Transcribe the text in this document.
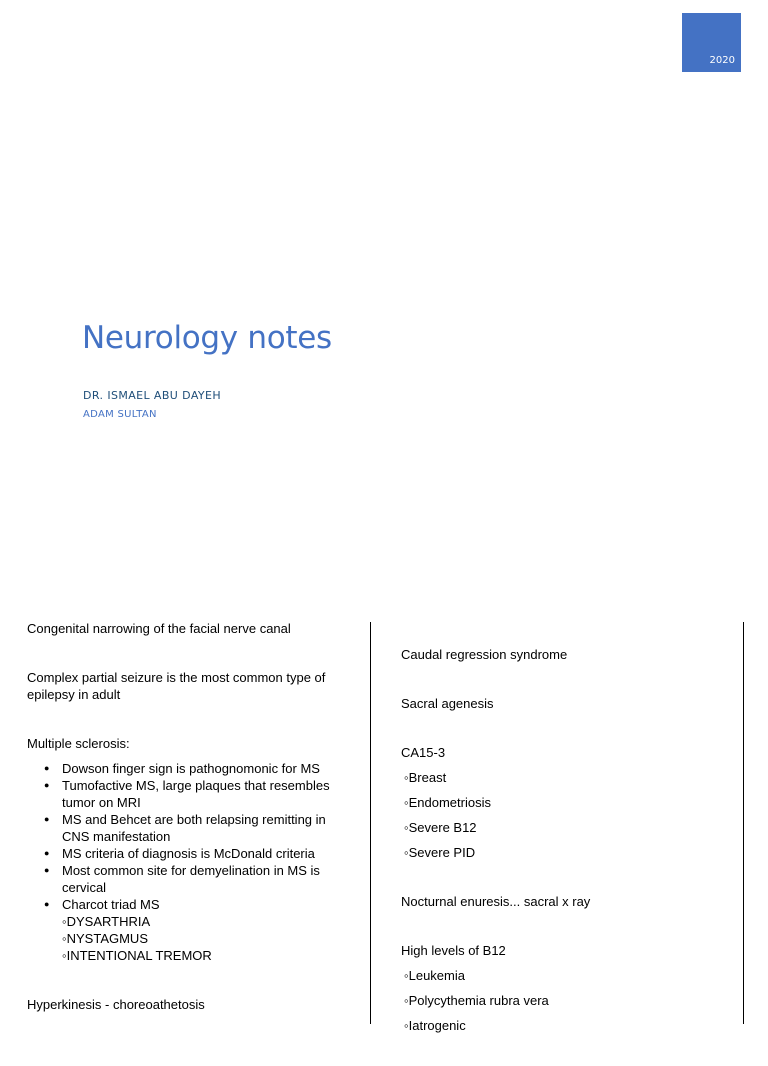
2020
Neurology notes
DR. ISMAEL ABU DAYEH
ADAM SULTAN

Congenital narrowing of the facial nerve canal

Complex partial seizure is the most common type of epilepsy in adult

Multiple sclerosis:

● Dowson finger sign is pathognomonic for MS
● Tumofactive MS, large plaques that resembles tumor on MRI
● MS and Behcet are both relapsing remitting in CNS manifestation
● MS criteria of diagnosis is McDonald criteria
● Most common site for demyelination in MS is cervical
● Charcot triad MS
◦ DYSARTHRIA
◦ NYSTAGMUS
◦ INTENTIONAL TREMOR

Hyperkinesis - choreoathetosis

Caudal regression syndrome

Sacral agenesis

CA15-3

◦ Breast
◦ Endometriosis
◦ Severe B12
◦ Severe PID

Nocturnal enuresis... sacral x ray

High levels of B12

◦ Leukemia
◦ Polycythemia rubra vera
◦ Iatrogenic
